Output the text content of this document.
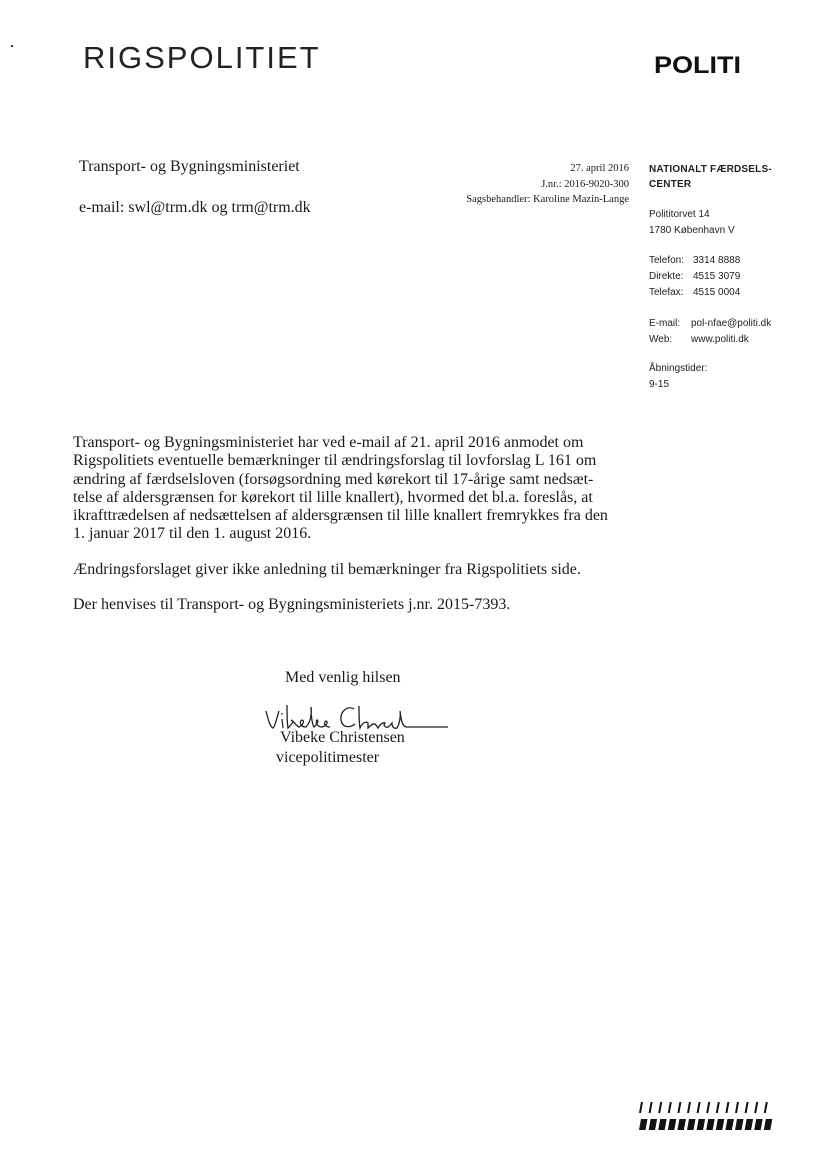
RIGSPOLITIET	POLITI
Transport- og Bygningsministeriet
e-mail: swl@trm.dk og trm@trm.dk
27. april 2016
J.nr.: 2016-9020-300
Sagsbehandler: Karoline Mazin-Lange
NATIONALT FÆRDSELS-
CENTER
Polititorvet 14
1780 København V
Telefon: 3314 8888
Direkte: 4515 3079
Telefax: 4515 0004
E-mail: pol-nfae@politi.dk
Web: www.politi.dk
Åbningstider:
9-15

Transport- og Bygningsministeriet har ved e-mail af 21. april 2016 anmodet om Rigspolitiets eventuelle bemærkninger til ændringsforslag til lovforslag L 161 om ændring af færdselsloven (forsøgsordning med kørekort til 17-årige samt nedsæt-telse af aldersgrænsen for kørekort til lille knallert), hvormed det bl.a. foreslås, at ikrafttrædelsen af nedsættelsen af aldersgrænsen til lille knallert fremrykkes fra den 1. januar 2017 til den 1. august 2016.

Ændringsforslaget giver ikke anledning til bemærkninger fra Rigspolitiets side.

Der henvises til Transport- og Bygningsministeriets j.nr. 2015-7393.

Med venlig hilsen
Vibeke Christensen
vicepolitimester
